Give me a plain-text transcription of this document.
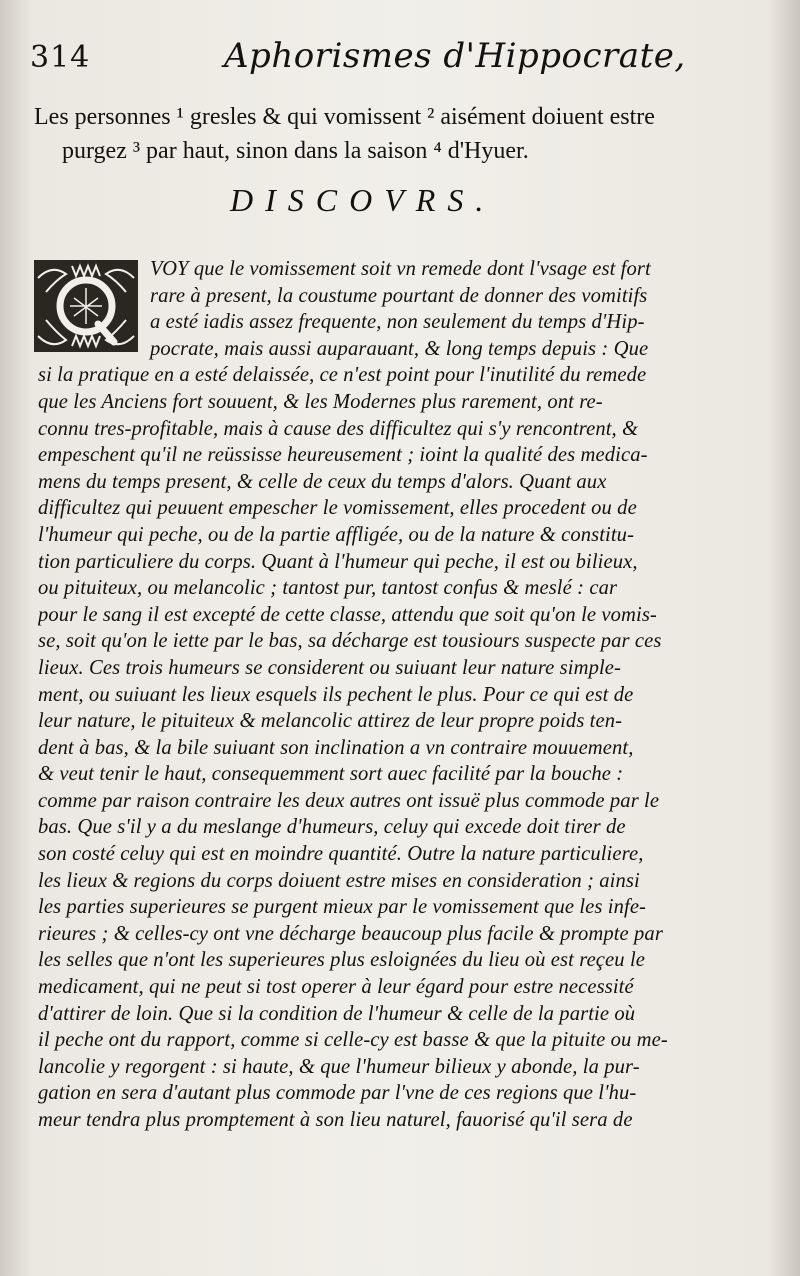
314	Aphorismes d'Hippocrate,
Les personnes ¹ gresles & qui vomissent ² aisément doiuent estre
purgez ³ par haut, sinon dans la saison ⁴ d'Hyuer.
DISCOVRS.
VOY que le vomissement soit vn remede dont l'vsage est fort
rare à present, la coustume pourtant de donner des vomitifs
a esté iadis assez frequente, non seulement du temps d'Hip-
pocrate, mais aussi auparauant, & long temps depuis : Que
si la pratique en a esté delaissée, ce n'est point pour l'inutilité du remede
que les Anciens fort souuent, & les Modernes plus rarement, ont re-
connu tres-profitable, mais à cause des difficultez qui s'y rencontrent, &
empeschent qu'il ne reüssisse heureusement ; ioint la qualité des medica-
mens du temps present, & celle de ceux du temps d'alors. Quant aux
difficultez qui peuuent empescher le vomissement, elles procedent ou de
l'humeur qui peche, ou de la partie affligée, ou de la nature & constitu-
tion particuliere du corps. Quant à l'humeur qui peche, il est ou bilieux,
ou pituiteux, ou melancolic ; tantost pur, tantost confus & meslé : car
pour le sang il est excepté de cette classe, attendu que soit qu'on le vomis-
se, soit qu'on le iette par le bas, sa décharge est tousiours suspecte par ces
lieux. Ces trois humeurs se considerent ou suiuant leur nature simple-
ment, ou suiuant les lieux esquels ils pechent le plus. Pour ce qui est de
leur nature, le pituiteux & melancolic attirez de leur propre poids ten-
dent à bas, & la bile suiuant son inclination a vn contraire mouuement,
& veut tenir le haut, consequemment sort auec facilité par la bouche :
comme par raison contraire les deux autres ont issuë plus commode par le
bas. Que s'il y a du meslange d'humeurs, celuy qui excede doit tirer de
son costé celuy qui est en moindre quantité. Outre la nature particuliere,
les lieux & regions du corps doiuent estre mises en consideration ; ainsi
les parties superieures se purgent mieux par le vomissement que les infe-
rieures ; & celles-cy ont vne décharge beaucoup plus facile & prompte par
les selles que n'ont les superieures plus esloignées du lieu où est reçeu le
medicament, qui ne peut si tost operer à leur égard pour estre necessité
d'attirer de loin. Que si la condition de l'humeur & celle de la partie où
il peche ont du rapport, comme si celle-cy est basse & que la pituite ou me-
lancolie y regorgent : si haute, & que l'humeur bilieux y abonde, la pur-
gation en sera d'autant plus commode par l'vne de ces regions que l'hu-
meur tendra plus promptement à son lieu naturel, fauorisé qu'il sera de
